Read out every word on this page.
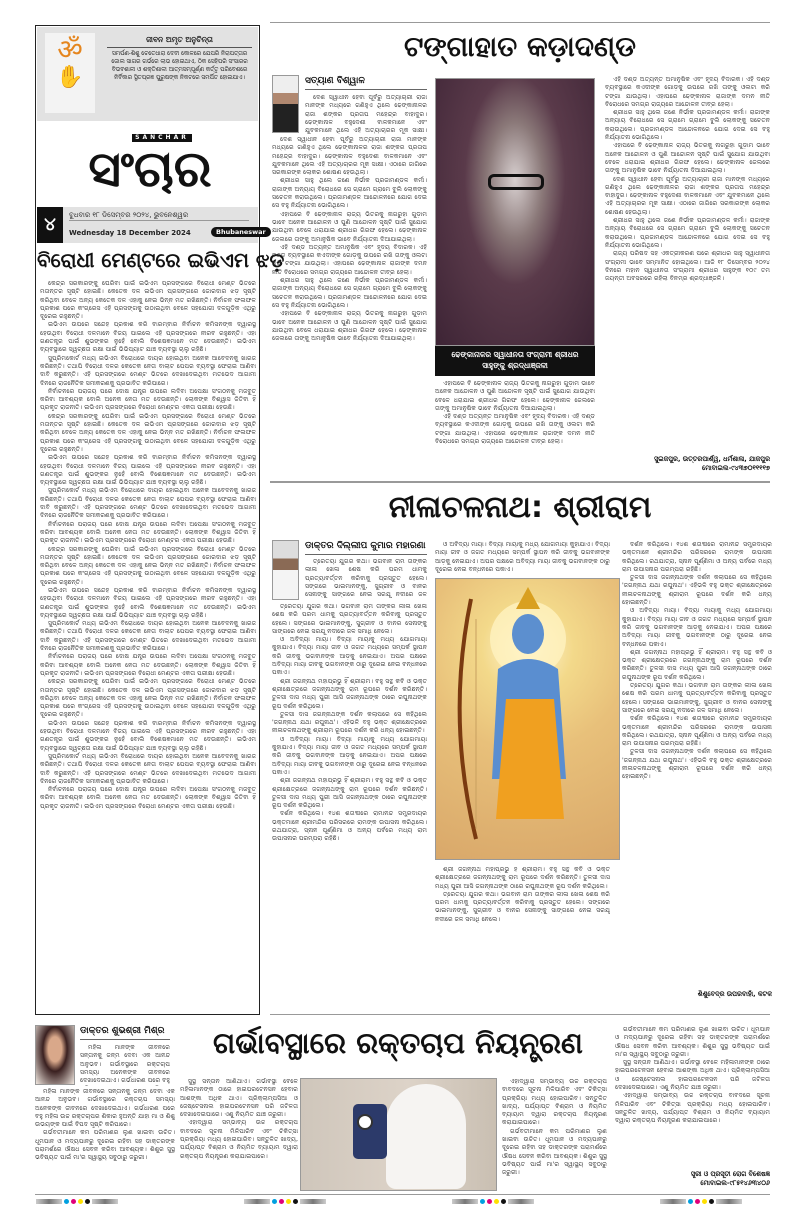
ॐ
✋
ଜୀବନ ଅମୃତ ଅନୁଚିନ୍ତା
ସମର୍ପଣ-ଶିଶୁ ଚେତେଧାରା ଦେବୀ କୋଳରେ ଯେପରି ନିରାପତ୍ତାର ଜୋଲ ସାଗର ଗର୍ଭରେ ଲାଭ ହୋଇଥାଏ, ଠିକ ସେହିପରି ସଂସାରର ବିଭବଶାଳୀ ଓ ଶକ୍ତିଶାଳୀ ଆତ୍ମସମ୍ପୂର୍ଣ୍ଣ କର୍ତ୍ତୃ ପରିବେଶରେ ନିର୍ବିକାର ସ୍ଥିତପ୍ରଜ୍ଞ ପୁରୁଷଙ୍କ ନିକଟରେ ସମର୍ପିତ ହୋଇଯାଏ।
SANCHAR
ସଂଚାର
୪	ବୁଧବାର ୧୮ ଡିସେମ୍ବର ୨୦୨୪, ଭୁବନେଶ୍ୱର
Wednesday 18 December 2024	Bhubaneswar
ବିରୋଧୀ ମେଣ୍ଟରେ ଇଭିଏମ ଝଡ଼

କେନ୍ଦ୍ର ସରକାରଙ୍କୁ ଘେରିବା ପାଇଁ ଇଭିଏମ ପ୍ରସଙ୍ଗରେ ବିରୋଧୀ ମେଣ୍ଟ ଭିତରେ ମତାନ୍ତର ସୃଷ୍ଟି ହୋଇଛି। କେତେକ ଦଳ ଇଭିଏମ ପ୍ରସଙ୍ଗରେ ଜୋରଦାର ଝଡ଼ ସୃଷ୍ଟି କରିଥିବା ବେଳେ ଅନ୍ୟ କେତେକ ଦଳ ଏହାକୁ ନେଇ ଭିନ୍ନ ମତ ରଖିଛନ୍ତି। ନିର୍ବାଚନ ଫଳାଫଳ ପ୍ରକାଶ ପରେ କଂଗ୍ରେସ ଏହି ପ୍ରସଙ୍ଗକୁ ଉଠାଇଥିବା ବେଳେ ସହଯୋଗୀ ଦଳଗୁଡ଼ିକ ଏଥିରୁ ଦୂରେଇ ରହୁଛନ୍ତି।

ଇଭିଏମ ଉପରେ ସନ୍ଦେହ ପ୍ରକାଶ କରି ବାରମ୍ବାର ନିର୍ବାଚନ କମିସନଙ୍କ ଦ୍ୱାରସ୍ଥ ହେଉଥିବା ବିରୋଧୀ ଦଳମାନେ ବିଜୟ ପାଇଲେ ଏହି ପ୍ରସଙ୍ଗରେ ନୀରବ ରହୁଛନ୍ତି। ଏହା ଗଣତନ୍ତ୍ର ପାଇଁ ଶୁଭଙ୍କର ନୁହେଁ ବୋଲି ବିଶେଷଜ୍ଞମାନେ ମତ ଦେଉଛନ୍ତି। ଇଭିଏମ ବ୍ୟବସ୍ଥାରେ ସ୍ୱଚ୍ଛତା ରକ୍ଷା ପାଇଁ ଭିଭିପ୍ୟାଟ ଯାଞ୍ଚ ବ୍ୟବସ୍ଥା ଚାଲୁ ରହିଛି।

ସୁପ୍ରିମକୋର୍ଟ ମଧ୍ୟ ଇଭିଏମ ବିରୋଧରେ ଦାୟର ହୋଇଥିବା ଅନେକ ଆବେଦନକୁ ଖାରଜ କରିଛନ୍ତି। ତଥାପି ବିରୋଧୀ ଦଳର କେତେକ ନେତା ବାଲାଟ ପେପର ବ୍ୟବସ୍ଥା ଫେରାଇ ଆଣିବା ଦାବି କରୁଛନ୍ତି। ଏହି ପ୍ରସଙ୍ଗରେ ମେଣ୍ଟ ଭିତରେ ଦେଖାଦେଇଥିବା ମତଭେଦ ଆଗାମୀ ଦିନରେ ରାଜନୈତିକ ସମୀକରଣକୁ ପ୍ରଭାବିତ କରିପାରେ।

ନିର୍ବାଚନରେ ପରାଜୟ ପରେ ଦୋଷ ଯନ୍ତ୍ର ଉପରେ ଲଦିବା ଅପେକ୍ଷା ସଂଗଠନକୁ ମଜବୁତ କରିବା ଆବଶ୍ୟକ ବୋଲି ଅନେକ ନେତା ମତ ଦେଉଛନ୍ତି। ଲୋକଙ୍କ ବିଶ୍ୱାସ ଜିତିବା ହିଁ ପ୍ରକୃତ ରାଜନୀତି। ଇଭିଏମ ପ୍ରସଙ୍ଗରେ ବିରୋଧୀ ମେଣ୍ଟର ଏକତା ପରୀକ୍ଷା ହେଉଛି।

କେନ୍ଦ୍ର ସରକାରଙ୍କୁ ଘେରିବା ପାଇଁ ଇଭିଏମ ପ୍ରସଙ୍ଗରେ ବିରୋଧୀ ମେଣ୍ଟ ଭିତରେ ମତାନ୍ତର ସୃଷ୍ଟି ହୋଇଛି। କେତେକ ଦଳ ଇଭିଏମ ପ୍ରସଙ୍ଗରେ ଜୋରଦାର ଝଡ଼ ସୃଷ୍ଟି କରିଥିବା ବେଳେ ଅନ୍ୟ କେତେକ ଦଳ ଏହାକୁ ନେଇ ଭିନ୍ନ ମତ ରଖିଛନ୍ତି। ନିର୍ବାଚନ ଫଳାଫଳ ପ୍ରକାଶ ପରେ କଂଗ୍ରେସ ଏହି ପ୍ରସଙ୍ଗକୁ ଉଠାଇଥିବା ବେଳେ ସହଯୋଗୀ ଦଳଗୁଡ଼ିକ ଏଥିରୁ ଦୂରେଇ ରହୁଛନ୍ତି।

ଇଭିଏମ ଉପରେ ସନ୍ଦେହ ପ୍ରକାଶ କରି ବାରମ୍ବାର ନିର୍ବାଚନ କମିସନଙ୍କ ଦ୍ୱାରସ୍ଥ ହେଉଥିବା ବିରୋଧୀ ଦଳମାନେ ବିଜୟ ପାଇଲେ ଏହି ପ୍ରସଙ୍ଗରେ ନୀରବ ରହୁଛନ୍ତି। ଏହା ଗଣତନ୍ତ୍ର ପାଇଁ ଶୁଭଙ୍କର ନୁହେଁ ବୋଲି ବିଶେଷଜ୍ଞମାନେ ମତ ଦେଉଛନ୍ତି। ଇଭିଏମ ବ୍ୟବସ୍ଥାରେ ସ୍ୱଚ୍ଛତା ରକ୍ଷା ପାଇଁ ଭିଭିପ୍ୟାଟ ଯାଞ୍ଚ ବ୍ୟବସ୍ଥା ଚାଲୁ ରହିଛି।

ସୁପ୍ରିମକୋର୍ଟ ମଧ୍ୟ ଇଭିଏମ ବିରୋଧରେ ଦାୟର ହୋଇଥିବା ଅନେକ ଆବେଦନକୁ ଖାରଜ କରିଛନ୍ତି। ତଥାପି ବିରୋଧୀ ଦଳର କେତେକ ନେତା ବାଲାଟ ପେପର ବ୍ୟବସ୍ଥା ଫେରାଇ ଆଣିବା ଦାବି କରୁଛନ୍ତି। ଏହି ପ୍ରସଙ୍ଗରେ ମେଣ୍ଟ ଭିତରେ ଦେଖାଦେଇଥିବା ମତଭେଦ ଆଗାମୀ ଦିନରେ ରାଜନୈତିକ ସମୀକରଣକୁ ପ୍ରଭାବିତ କରିପାରେ।

ନିର୍ବାଚନରେ ପରାଜୟ ପରେ ଦୋଷ ଯନ୍ତ୍ର ଉପରେ ଲଦିବା ଅପେକ୍ଷା ସଂଗଠନକୁ ମଜବୁତ କରିବା ଆବଶ୍ୟକ ବୋଲି ଅନେକ ନେତା ମତ ଦେଉଛନ୍ତି। ଲୋକଙ୍କ ବିଶ୍ୱାସ ଜିତିବା ହିଁ ପ୍ରକୃତ ରାଜନୀତି। ଇଭିଏମ ପ୍ରସଙ୍ଗରେ ବିରୋଧୀ ମେଣ୍ଟର ଏକତା ପରୀକ୍ଷା ହେଉଛି।

କେନ୍ଦ୍ର ସରକାରଙ୍କୁ ଘେରିବା ପାଇଁ ଇଭିଏମ ପ୍ରସଙ୍ଗରେ ବିରୋଧୀ ମେଣ୍ଟ ଭିତରେ ମତାନ୍ତର ସୃଷ୍ଟି ହୋଇଛି। କେତେକ ଦଳ ଇଭିଏମ ପ୍ରସଙ୍ଗରେ ଜୋରଦାର ଝଡ଼ ସୃଷ୍ଟି କରିଥିବା ବେଳେ ଅନ୍ୟ କେତେକ ଦଳ ଏହାକୁ ନେଇ ଭିନ୍ନ ମତ ରଖିଛନ୍ତି। ନିର୍ବାଚନ ଫଳାଫଳ ପ୍ରକାଶ ପରେ କଂଗ୍ରେସ ଏହି ପ୍ରସଙ୍ଗକୁ ଉଠାଇଥିବା ବେଳେ ସହଯୋଗୀ ଦଳଗୁଡ଼ିକ ଏଥିରୁ ଦୂରେଇ ରହୁଛନ୍ତି।

ଇଭିଏମ ଉପରେ ସନ୍ଦେହ ପ୍ରକାଶ କରି ବାରମ୍ବାର ନିର୍ବାଚନ କମିସନଙ୍କ ଦ୍ୱାରସ୍ଥ ହେଉଥିବା ବିରୋଧୀ ଦଳମାନେ ବିଜୟ ପାଇଲେ ଏହି ପ୍ରସଙ୍ଗରେ ନୀରବ ରହୁଛନ୍ତି। ଏହା ଗଣତନ୍ତ୍ର ପାଇଁ ଶୁଭଙ୍କର ନୁହେଁ ବୋଲି ବିଶେଷଜ୍ଞମାନେ ମତ ଦେଉଛନ୍ତି। ଇଭିଏମ ବ୍ୟବସ୍ଥାରେ ସ୍ୱଚ୍ଛତା ରକ୍ଷା ପାଇଁ ଭିଭିପ୍ୟାଟ ଯାଞ୍ଚ ବ୍ୟବସ୍ଥା ଚାଲୁ ରହିଛି।

ସୁପ୍ରିମକୋର୍ଟ ମଧ୍ୟ ଇଭିଏମ ବିରୋଧରେ ଦାୟର ହୋଇଥିବା ଅନେକ ଆବେଦନକୁ ଖାରଜ କରିଛନ୍ତି। ତଥାପି ବିରୋଧୀ ଦଳର କେତେକ ନେତା ବାଲାଟ ପେପର ବ୍ୟବସ୍ଥା ଫେରାଇ ଆଣିବା ଦାବି କରୁଛନ୍ତି। ଏହି ପ୍ରସଙ୍ଗରେ ମେଣ୍ଟ ଭିତରେ ଦେଖାଦେଇଥିବା ମତଭେଦ ଆଗାମୀ ଦିନରେ ରାଜନୈତିକ ସମୀକରଣକୁ ପ୍ରଭାବିତ କରିପାରେ।

ନିର୍ବାଚନରେ ପରାଜୟ ପରେ ଦୋଷ ଯନ୍ତ୍ର ଉପରେ ଲଦିବା ଅପେକ୍ଷା ସଂଗଠନକୁ ମଜବୁତ କରିବା ଆବଶ୍ୟକ ବୋଲି ଅନେକ ନେତା ମତ ଦେଉଛନ୍ତି। ଲୋକଙ୍କ ବିଶ୍ୱାସ ଜିତିବା ହିଁ ପ୍ରକୃତ ରାଜନୀତି। ଇଭିଏମ ପ୍ରସଙ୍ଗରେ ବିରୋଧୀ ମେଣ୍ଟର ଏକତା ପରୀକ୍ଷା ହେଉଛି।

କେନ୍ଦ୍ର ସରକାରଙ୍କୁ ଘେରିବା ପାଇଁ ଇଭିଏମ ପ୍ରସଙ୍ଗରେ ବିରୋଧୀ ମେଣ୍ଟ ଭିତରେ ମତାନ୍ତର ସୃଷ୍ଟି ହୋଇଛି। କେତେକ ଦଳ ଇଭିଏମ ପ୍ରସଙ୍ଗରେ ଜୋରଦାର ଝଡ଼ ସୃଷ୍ଟି କରିଥିବା ବେଳେ ଅନ୍ୟ କେତେକ ଦଳ ଏହାକୁ ନେଇ ଭିନ୍ନ ମତ ରଖିଛନ୍ତି। ନିର୍ବାଚନ ଫଳାଫଳ ପ୍ରକାଶ ପରେ କଂଗ୍ରେସ ଏହି ପ୍ରସଙ୍ଗକୁ ଉଠାଇଥିବା ବେଳେ ସହଯୋଗୀ ଦଳଗୁଡ଼ିକ ଏଥିରୁ ଦୂରେଇ ରହୁଛନ୍ତି।

ଇଭିଏମ ଉପରେ ସନ୍ଦେହ ପ୍ରକାଶ କରି ବାରମ୍ବାର ନିର୍ବାଚନ କମିସନଙ୍କ ଦ୍ୱାରସ୍ଥ ହେଉଥିବା ବିରୋଧୀ ଦଳମାନେ ବିଜୟ ପାଇଲେ ଏହି ପ୍ରସଙ୍ଗରେ ନୀରବ ରହୁଛନ୍ତି। ଏହା ଗଣତନ୍ତ୍ର ପାଇଁ ଶୁଭଙ୍କର ନୁହେଁ ବୋଲି ବିଶେଷଜ୍ଞମାନେ ମତ ଦେଉଛନ୍ତି। ଇଭିଏମ ବ୍ୟବସ୍ଥାରେ ସ୍ୱଚ୍ଛତା ରକ୍ଷା ପାଇଁ ଭିଭିପ୍ୟାଟ ଯାଞ୍ଚ ବ୍ୟବସ୍ଥା ଚାଲୁ ରହିଛି।

ସୁପ୍ରିମକୋର୍ଟ ମଧ୍ୟ ଇଭିଏମ ବିରୋଧରେ ଦାୟର ହୋଇଥିବା ଅନେକ ଆବେଦନକୁ ଖାରଜ କରିଛନ୍ତି। ତଥାପି ବିରୋଧୀ ଦଳର କେତେକ ନେତା ବାଲାଟ ପେପର ବ୍ୟବସ୍ଥା ଫେରାଇ ଆଣିବା ଦାବି କରୁଛନ୍ତି। ଏହି ପ୍ରସଙ୍ଗରେ ମେଣ୍ଟ ଭିତରେ ଦେଖାଦେଇଥିବା ମତଭେଦ ଆଗାମୀ ଦିନରେ ରାଜନୈତିକ ସମୀକରଣକୁ ପ୍ରଭାବିତ କରିପାରେ।

ନିର୍ବାଚନରେ ପରାଜୟ ପରେ ଦୋଷ ଯନ୍ତ୍ର ଉପରେ ଲଦିବା ଅପେକ୍ଷା ସଂଗଠନକୁ ମଜବୁତ କରିବା ଆବଶ୍ୟକ ବୋଲି ଅନେକ ନେତା ମତ ଦେଉଛନ୍ତି। ଲୋକଙ୍କ ବିଶ୍ୱାସ ଜିତିବା ହିଁ ପ୍ରକୃତ ରାଜନୀତି। ଇଭିଏମ ପ୍ରସଙ୍ଗରେ ବିରୋଧୀ ମେଣ୍ଟର ଏକତା ପରୀକ୍ଷା ହେଉଛି।

ଟଙ୍ଗାହାତ କଡ଼ାଦଣ୍ଡ
ସତ୍ୟାଣ ବିଶ୍ୱାଳ

ଦେଶ ସ୍ୱାଧୀନ ହେବା ପୂର୍ବରୁ ଅତ୍ୟାଚାରୀ ରାଜା ମାନଙ୍କ ମଧ୍ୟରେ ଗଣିହୁଏ ଥିଲେ ଢେଙ୍କାନାଳର ରାଜା ଶଙ୍କର ପ୍ରତାପ ମହେନ୍ଦ୍ର ବାହାଦୁର। ଢେଙ୍କାନାଳ ବହୁଦେଶୀ ବାଳକମାନେ ଏବଂ ଯୁବକମାନେ ଥିଲେ ଏହି ଅତ୍ୟାଚାରର ମୂକ ସାକ୍ଷୀ।

ଦେଶ ସ୍ୱାଧୀନ ହେବା ପୂର୍ବରୁ ଅତ୍ୟାଚାରୀ ରାଜା ମାନଙ୍କ ମଧ୍ୟରେ ଗଣିହୁଏ ଥିଲେ ଢେଙ୍କାନାଳର ରାଜା ଶଙ୍କର ପ୍ରତାପ ମହେନ୍ଦ୍ର ବାହାଦୁର। ଢେଙ୍କାନାଳ ବହୁଦେଶୀ ବାଳକମାନେ ଏବଂ ଯୁବକମାନେ ଥିଲେ ଏହି ଅତ୍ୟାଚାରର ମୂକ ସାକ୍ଷୀ। ଏଠାରେ ଜାଗିରେ ସରକାରଙ୍କ ଲୋକର ଶୋଷଣ ହେଉଥିଲା।

ଶ୍ରୀଧର ସାହୁ ଥିଲେ ଜଣେ ନିର୍ଭୀକ ପ୍ରଜାମଣ୍ଡଳ କର୍ମୀ। ରାଜାଙ୍କ ଅନ୍ୟାୟ ବିରୋଧରେ ସେ ଗ୍ରାମେ ଗ୍ରାମେ ବୁଲି ଲୋକଙ୍କୁ ସଚେତନ କରାଉଥିଲେ। ପ୍ରଜାମଣ୍ଡଳ ଆନ୍ଦୋଳନରେ ଯୋଗ ଦେଇ ସେ ବହୁ ନିର୍ଯ୍ୟାତନା ଭୋଗିଥିଲେ।

ଏହାପରେ ବି ଢେଙ୍କାନାଳ ରାଜ୍ୟ ଭିତରକୁ ନାଗରୁହା ଗୁଡ଼ାମ ଭାବେ ଅନେକ ଆନ୍ଦୋଳନ ଓ ପୁଣି ଆନ୍ଦୋଳନ ସୃଷ୍ଟି ପାଇଁ ସୁଯୋଗ ଯାଉଥିବା ବେଳେ ଧରାଯାଇ ଶ୍ରୀଧର ଗିରଫ ହେଲେ। ଢେଙ୍କାନାଳ ଜେଲରେ ତାଙ୍କୁ ଅମାନୁଷିକ ଭାବେ ନିର୍ଯ୍ୟାତନା ଦିଆଯାଇଥିଲା।

ଏହି ଦଣ୍ଡ ଅତ୍ୟନ୍ତ ଅମାନୁଷିକ ଏବଂ ହୃଦୟ ବିଦାରକ। ଏହି ଦଣ୍ଡ ବ୍ୟବସ୍ଥାରେ କଏଦୀଙ୍କ ଗୋଡ଼କୁ ଉପରେ ରଖି ତାଙ୍କୁ ଓଲଟା କରି ଟଙ୍ଗା ଯାଉଥିଲା। ଏହାପରେ ଢେଙ୍କାନାଳ ରାଜାଙ୍କ ଦମନ ନୀତି ବିରୋଧରେ ସମଗ୍ର ରାଜ୍ୟରେ ଆନ୍ଦୋଳନ ତୀବ୍ର ହେଲା।

ଶ୍ରୀଧର ସାହୁ ଥିଲେ ଜଣେ ନିର୍ଭୀକ ପ୍ରଜାମଣ୍ଡଳ କର୍ମୀ। ରାଜାଙ୍କ ଅନ୍ୟାୟ ବିରୋଧରେ ସେ ଗ୍ରାମେ ଗ୍ରାମେ ବୁଲି ଲୋକଙ୍କୁ ସଚେତନ କରାଉଥିଲେ। ପ୍ରଜାମଣ୍ଡଳ ଆନ୍ଦୋଳନରେ ଯୋଗ ଦେଇ ସେ ବହୁ ନିର୍ଯ୍ୟାତନା ଭୋଗିଥିଲେ।

ଏହାପରେ ବି ଢେଙ୍କାନାଳ ରାଜ୍ୟ ଭିତରକୁ ନାଗରୁହା ଗୁଡ଼ାମ ଭାବେ ଅନେକ ଆନ୍ଦୋଳନ ଓ ପୁଣି ଆନ୍ଦୋଳନ ସୃଷ୍ଟି ପାଇଁ ସୁଯୋଗ ଯାଉଥିବା ବେଳେ ଧରାଯାଇ ଶ୍ରୀଧର ଗିରଫ ହେଲେ। ଢେଙ୍କାନାଳ ଜେଲରେ ତାଙ୍କୁ ଅମାନୁଷିକ ଭାବେ ନିର୍ଯ୍ୟାତନା ଦିଆଯାଇଥିଲା।

ଢେଙ୍କାନାଳର ସ୍ୱାଧୀନତା ସଂଗ୍ରାମୀ ଶ୍ରୀଧର ସାହୁଙ୍କୁ ଶ୍ରଦ୍ଧାଞ୍ଜଳୀ

ଏହାପରେ ବି ଢେଙ୍କାନାଳ ରାଜ୍ୟ ଭିତରକୁ ନାଗରୁହା ଗୁଡ଼ାମ ଭାବେ ଅନେକ ଆନ୍ଦୋଳନ ଓ ପୁଣି ଆନ୍ଦୋଳନ ସୃଷ୍ଟି ପାଇଁ ସୁଯୋଗ ଯାଉଥିବା ବେଳେ ଧରାଯାଇ ଶ୍ରୀଧର ଗିରଫ ହେଲେ। ଢେଙ୍କାନାଳ ଜେଲରେ ତାଙ୍କୁ ଅମାନୁଷିକ ଭାବେ ନିର୍ଯ୍ୟାତନା ଦିଆଯାଇଥିଲା।

ଏହି ଦଣ୍ଡ ଅତ୍ୟନ୍ତ ଅମାନୁଷିକ ଏବଂ ହୃଦୟ ବିଦାରକ। ଏହି ଦଣ୍ଡ ବ୍ୟବସ୍ଥାରେ କଏଦୀଙ୍କ ଗୋଡ଼କୁ ଉପରେ ରଖି ତାଙ୍କୁ ଓଲଟା କରି ଟଙ୍ଗା ଯାଉଥିଲା। ଏହାପରେ ଢେଙ୍କାନାଳ ରାଜାଙ୍କ ଦମନ ନୀତି ବିରୋଧରେ ସମଗ୍ର ରାଜ୍ୟରେ ଆନ୍ଦୋଳନ ତୀବ୍ର ହେଲା।

ଏହି ଦଣ୍ଡ ଅତ୍ୟନ୍ତ ଅମାନୁଷିକ ଏବଂ ହୃଦୟ ବିଦାରକ। ଏହି ଦଣ୍ଡ ବ୍ୟବସ୍ଥାରେ କଏଦୀଙ୍କ ଗୋଡ଼କୁ ଉପରେ ରଖି ତାଙ୍କୁ ଓଲଟା କରି ଟଙ୍ଗା ଯାଉଥିଲା। ଏହାପରେ ଢେଙ୍କାନାଳ ରାଜାଙ୍କ ଦମନ ନୀତି ବିରୋଧରେ ସମଗ୍ର ରାଜ୍ୟରେ ଆନ୍ଦୋଳନ ତୀବ୍ର ହେଲା।

ଶ୍ରୀଧର ସାହୁ ଥିଲେ ଜଣେ ନିର୍ଭୀକ ପ୍ରଜାମଣ୍ଡଳ କର୍ମୀ। ରାଜାଙ୍କ ଅନ୍ୟାୟ ବିରୋଧରେ ସେ ଗ୍ରାମେ ଗ୍ରାମେ ବୁଲି ଲୋକଙ୍କୁ ସଚେତନ କରାଉଥିଲେ। ପ୍ରଜାମଣ୍ଡଳ ଆନ୍ଦୋଳନରେ ଯୋଗ ଦେଇ ସେ ବହୁ ନିର୍ଯ୍ୟାତନା ଭୋଗିଥିଲେ।

ଏହାପରେ ବି ଢେଙ୍କାନାଳ ରାଜ୍ୟ ଭିତରକୁ ନାଗରୁହା ଗୁଡ଼ାମ ଭାବେ ଅନେକ ଆନ୍ଦୋଳନ ଓ ପୁଣି ଆନ୍ଦୋଳନ ସୃଷ୍ଟି ପାଇଁ ସୁଯୋଗ ଯାଉଥିବା ବେଳେ ଧରାଯାଇ ଶ୍ରୀଧର ଗିରଫ ହେଲେ। ଢେଙ୍କାନାଳ ଜେଲରେ ତାଙ୍କୁ ଅମାନୁଷିକ ଭାବେ ନିର୍ଯ୍ୟାତନା ଦିଆଯାଇଥିଲା।

ଦେଶ ସ୍ୱାଧୀନ ହେବା ପୂର୍ବରୁ ଅତ୍ୟାଚାରୀ ରାଜା ମାନଙ୍କ ମଧ୍ୟରେ ଗଣିହୁଏ ଥିଲେ ଢେଙ୍କାନାଳର ରାଜା ଶଙ୍କର ପ୍ରତାପ ମହେନ୍ଦ୍ର ବାହାଦୁର। ଢେଙ୍କାନାଳ ବହୁଦେଶୀ ବାଳକମାନେ ଏବଂ ଯୁବକମାନେ ଥିଲେ ଏହି ଅତ୍ୟାଚାରର ମୂକ ସାକ୍ଷୀ। ଏଠାରେ ଜାଗିରେ ସରକାରଙ୍କ ଲୋକର ଶୋଷଣ ହେଉଥିଲା।

ଶ୍ରୀଧର ସାହୁ ଥିଲେ ଜଣେ ନିର୍ଭୀକ ପ୍ରଜାମଣ୍ଡଳ କର୍ମୀ। ରାଜାଙ୍କ ଅନ୍ୟାୟ ବିରୋଧରେ ସେ ଗ୍ରାମେ ଗ୍ରାମେ ବୁଲି ଲୋକଙ୍କୁ ସଚେତନ କରାଉଥିଲେ। ପ୍ରଜାମଣ୍ଡଳ ଆନ୍ଦୋଳନରେ ଯୋଗ ଦେଇ ସେ ବହୁ ନିର୍ଯ୍ୟାତନା ଭୋଗିଥିଲେ।

ରାଜ୍ୟ ପରିଷଦ ସହ ଏକତ୍ରୀକରଣ ପରେ ଶ୍ରୀଧର ସାହୁ ସ୍ୱାଧୀନତା ସଂଗ୍ରାମୀ ଭାବେ ସମ୍ମାନିତ ହୋଇଥିଲେ। ଆଜି ୧୮ ଡିସେମ୍ବର ୨୦୨୪ ଦିନରେ ମହାନ ସ୍ୱାଧୀନତା ସଂଗ୍ରାମୀ ଶ୍ରୀଧର ସାହୁଙ୍କ ୧୦୯ ତମ ଜୟନ୍ତୀ ଅବସରରେ ରହିଲା ବିନମ୍ର ଶ୍ରଦ୍ଧାଞ୍ଜଳି।

ସୁଇଜପୁର, ଉତ୍ତରପାର୍ଶ୍ୱ, ଧର୍ମଶାଳା, ଯାଜପୁର
ମୋବାଇଲ-୯୪୩୭୦୧୧୧୧୭
ନୀଳାଚଳନାଥ: ଶ୍ରୀରାମ
ଡାକ୍ତର ଦିଲ୍ଲୀପ କୁମାର ମହାରଣା

ତ୍ରେତୟା ଯୁଗର କଥା। ଭଗବାନ ରାମ ତାଙ୍କର ଲୀଳା ଖେଳା ଶେଷ କରି ପରମ ଧାମକୁ ପ୍ରତ୍ୟାବର୍ତ୍ତନ କରିବାକୁ ପ୍ରସ୍ତୁତ ହେଲେ। ସଙ୍ଗରେ ଭାଇମାନଙ୍କୁ, ସୁଗ୍ରୀବ ଓ ବାନର ସେନାଙ୍କୁ ସାଙ୍ଗରେ ନେଇ ସରଯୂ ନଦୀରେ ଜଳ

ତ୍ରେତୟା ଯୁଗର କଥା। ଭଗବାନ ରାମ ତାଙ୍କର ଲୀଳା ଖେଳା ଶେଷ କରି ପରମ ଧାମକୁ ପ୍ରତ୍ୟାବର୍ତ୍ତନ କରିବାକୁ ପ୍ରସ୍ତୁତ ହେଲେ। ସଙ୍ଗରେ ଭାଇମାନଙ୍କୁ, ସୁଗ୍ରୀବ ଓ ବାନର ସେନାଙ୍କୁ ସାଙ୍ଗରେ ନେଇ ସରଯୂ ନଦୀରେ ଜଳ ସମାଧି ନେଲେ।

ଓ ଅବିଦ୍ୟା ମାୟା। ବିଦ୍ୟା ମାୟାକୁ ମଧ୍ୟ ଯୋଗମାୟା କୁହାଯାଏ। ବିଦ୍ୟା ମାୟା ଜୀବ ଓ ଜଗତ ମଧ୍ୟରେ ସମ୍ପର୍କ ସ୍ଥାପନ କରି ଜୀବକୁ ଭଗବାନଙ୍କ ଆଡ଼କୁ ନେଇଯାଏ। ଅପର ପକ୍ଷରେ ଅବିଦ୍ୟା ମାୟା ଜୀବକୁ ଭଗବାନଙ୍କ ଠାରୁ ଦୂରେଇ ନେଇ ବନ୍ଧନରେ ପକାଏ।

ଶ୍ରୀ ଜଗନ୍ନାଥ ମହାପ୍ରଭୁ ହିଁ ଶ୍ରୀରାମ। ବହୁ ସନ୍ଥ କବି ଓ ଭକ୍ତ ଶ୍ରୀକ୍ଷେତ୍ରରେ ଜଗନ୍ନାଥଙ୍କୁ ରାମ ରୂପରେ ଦର୍ଶନ କରିଛନ୍ତି। ତୁଳସୀ ଦାସ ମଧ୍ୟ ପୁରୀ ଆସି ଜଗନ୍ନାଥଙ୍କ ଠାରେ ରଘୁନାଥଙ୍କ ରୂପ ଦର୍ଶନ କରିଥିଲେ।

ତୁଳସୀ ଦାସ ଜଗନ୍ନାଥଙ୍କ ଦର୍ଶନ କଲାପରେ ସେ କହିଥିଲେ 'ଜଗନ୍ନାଥ ଯଥା ରଘୁନାଥ'। ଏହିଭଳି ବହୁ ଭକ୍ତ ଶ୍ରୀକ୍ଷେତ୍ରରେ ନୀଳାଚଳନାଥଙ୍କୁ ଶ୍ରୀରାମ ରୂପରେ ଦର୍ଶନ କରି ଧନ୍ୟ ହୋଇଛନ୍ତି।

ଓ ଅବିଦ୍ୟା ମାୟା। ବିଦ୍ୟା ମାୟାକୁ ମଧ୍ୟ ଯୋଗମାୟା କୁହାଯାଏ। ବିଦ୍ୟା ମାୟା ଜୀବ ଓ ଜଗତ ମଧ୍ୟରେ ସମ୍ପର୍କ ସ୍ଥାପନ କରି ଜୀବକୁ ଭଗବାନଙ୍କ ଆଡ଼କୁ ନେଇଯାଏ। ଅପର ପକ୍ଷରେ ଅବିଦ୍ୟା ମାୟା ଜୀବକୁ ଭଗବାନଙ୍କ ଠାରୁ ଦୂରେଇ ନେଇ ବନ୍ଧନରେ ପକାଏ।

ଶ୍ରୀ ଜଗନ୍ନାଥ ମହାପ୍ରଭୁ ହିଁ ଶ୍ରୀରାମ। ବହୁ ସନ୍ଥ କବି ଓ ଭକ୍ତ ଶ୍ରୀକ୍ଷେତ୍ରରେ ଜଗନ୍ନାଥଙ୍କୁ ରାମ ରୂପରେ ଦର୍ଶନ କରିଛନ୍ତି। ତୁଳସୀ ଦାସ ମଧ୍ୟ ପୁରୀ ଆସି ଜଗନ୍ନାଥଙ୍କ ଠାରେ ରଘୁନାଥଙ୍କ ରୂପ ଦର୍ଶନ କରିଥିଲେ।

ଦର୍ଶନ କରିଥିଲେ। ୧୪ଶ ଶତାବ୍ଦୀରେ ରାମାନନ୍ଦ ସମ୍ପ୍ରଦାୟର ଭକ୍ତମାନେ ଶ୍ରୀମନ୍ଦିର ପରିସରରେ ରାମଙ୍କ ଉପାସନା କରିଥିଲେ। ରଥଯାତ୍ରା, ସ୍ନାନ ପୂର୍ଣ୍ଣିମା ଓ ଅନ୍ୟ ପର୍ବରେ ମଧ୍ୟ ରାମ ଉପାସନାର ପରମ୍ପରା ରହିଛି।

ଓ ଅବିଦ୍ୟା ମାୟା। ବିଦ୍ୟା ମାୟାକୁ ମଧ୍ୟ ଯୋଗମାୟା କୁହାଯାଏ। ବିଦ୍ୟା ମାୟା ଜୀବ ଓ ଜଗତ ମଧ୍ୟରେ ସମ୍ପର୍କ ସ୍ଥାପନ କରି ଜୀବକୁ ଭଗବାନଙ୍କ ଆଡ଼କୁ ନେଇଯାଏ। ଅପର ପକ୍ଷରେ ଅବିଦ୍ୟା ମାୟା ଜୀବକୁ ଭଗବାନଙ୍କ ଠାରୁ ଦୂରେଇ ନେଇ ବନ୍ଧନରେ ପକାଏ।

ଶ୍ରୀ ଜଗନ୍ନାଥ ମହାପ୍ରଭୁ ହିଁ ଶ୍ରୀରାମ। ବହୁ ସନ୍ଥ କବି ଓ ଭକ୍ତ ଶ୍ରୀକ୍ଷେତ୍ରରେ ଜଗନ୍ନାଥଙ୍କୁ ରାମ ରୂପରେ ଦର୍ଶନ କରିଛନ୍ତି। ତୁଳସୀ ଦାସ ମଧ୍ୟ ପୁରୀ ଆସି ଜଗନ୍ନାଥଙ୍କ ଠାରେ ରଘୁନାଥଙ୍କ ରୂପ ଦର୍ଶନ କରିଥିଲେ।

ତ୍ରେତୟା ଯୁଗର କଥା। ଭଗବାନ ରାମ ତାଙ୍କର ଲୀଳା ଖେଳା ଶେଷ କରି ପରମ ଧାମକୁ ପ୍ରତ୍ୟାବର୍ତ୍ତନ କରିବାକୁ ପ୍ରସ୍ତୁତ ହେଲେ। ସଙ୍ଗରେ ଭାଇମାନଙ୍କୁ, ସୁଗ୍ରୀବ ଓ ବାନର ସେନାଙ୍କୁ ସାଙ୍ଗରେ ନେଇ ସରଯୂ ନଦୀରେ ଜଳ ସମାଧି ନେଲେ।

ଦର୍ଶନ କରିଥିଲେ। ୧୪ଶ ଶତାବ୍ଦୀରେ ରାମାନନ୍ଦ ସମ୍ପ୍ରଦାୟର ଭକ୍ତମାନେ ଶ୍ରୀମନ୍ଦିର ପରିସରରେ ରାମଙ୍କ ଉପାସନା କରିଥିଲେ। ରଥଯାତ୍ରା, ସ୍ନାନ ପୂର୍ଣ୍ଣିମା ଓ ଅନ୍ୟ ପର୍ବରେ ମଧ୍ୟ ରାମ ଉପାସନାର ପରମ୍ପରା ରହିଛି।

ତୁଳସୀ ଦାସ ଜଗନ୍ନାଥଙ୍କ ଦର୍ଶନ କଲାପରେ ସେ କହିଥିଲେ 'ଜଗନ୍ନାଥ ଯଥା ରଘୁନାଥ'। ଏହିଭଳି ବହୁ ଭକ୍ତ ଶ୍ରୀକ୍ଷେତ୍ରରେ ନୀଳାଚଳନାଥଙ୍କୁ ଶ୍ରୀରାମ ରୂପରେ ଦର୍ଶନ କରି ଧନ୍ୟ ହୋଇଛନ୍ତି।

ଓ ଅବିଦ୍ୟା ମାୟା। ବିଦ୍ୟା ମାୟାକୁ ମଧ୍ୟ ଯୋଗମାୟା କୁହାଯାଏ। ବିଦ୍ୟା ମାୟା ଜୀବ ଓ ଜଗତ ମଧ୍ୟରେ ସମ୍ପର୍କ ସ୍ଥାପନ କରି ଜୀବକୁ ଭଗବାନଙ୍କ ଆଡ଼କୁ ନେଇଯାଏ। ଅପର ପକ୍ଷରେ ଅବିଦ୍ୟା ମାୟା ଜୀବକୁ ଭଗବାନଙ୍କ ଠାରୁ ଦୂରେଇ ନେଇ ବନ୍ଧନରେ ପକାଏ।

ଶ୍ରୀ ଜଗନ୍ନାଥ ମହାପ୍ରଭୁ ହିଁ ଶ୍ରୀରାମ। ବହୁ ସନ୍ଥ କବି ଓ ଭକ୍ତ ଶ୍ରୀକ୍ଷେତ୍ରରେ ଜଗନ୍ନାଥଙ୍କୁ ରାମ ରୂପରେ ଦର୍ଶନ କରିଛନ୍ତି। ତୁଳସୀ ଦାସ ମଧ୍ୟ ପୁରୀ ଆସି ଜଗନ୍ନାଥଙ୍କ ଠାରେ ରଘୁନାଥଙ୍କ ରୂପ ଦର୍ଶନ କରିଥିଲେ।

ତ୍ରେତୟା ଯୁଗର କଥା। ଭଗବାନ ରାମ ତାଙ୍କର ଲୀଳା ଖେଳା ଶେଷ କରି ପରମ ଧାମକୁ ପ୍ରତ୍ୟାବର୍ତ୍ତନ କରିବାକୁ ପ୍ରସ୍ତୁତ ହେଲେ। ସଙ୍ଗରେ ଭାଇମାନଙ୍କୁ, ସୁଗ୍ରୀବ ଓ ବାନର ସେନାଙ୍କୁ ସାଙ୍ଗରେ ନେଇ ସରଯୂ ନଦୀରେ ଜଳ ସମାଧି ନେଲେ।

ଦର୍ଶନ କରିଥିଲେ। ୧୪ଶ ଶତାବ୍ଦୀରେ ରାମାନନ୍ଦ ସମ୍ପ୍ରଦାୟର ଭକ୍ତମାନେ ଶ୍ରୀମନ୍ଦିର ପରିସରରେ ରାମଙ୍କ ଉପାସନା କରିଥିଲେ। ରଥଯାତ୍ରା, ସ୍ନାନ ପୂର୍ଣ୍ଣିମା ଓ ଅନ୍ୟ ପର୍ବରେ ମଧ୍ୟ ରାମ ଉପାସନାର ପରମ୍ପରା ରହିଛି।

ତୁଳସୀ ଦାସ ଜଗନ୍ନାଥଙ୍କ ଦର୍ଶନ କଲାପରେ ସେ କହିଥିଲେ 'ଜଗନ୍ନାଥ ଯଥା ରଘୁନାଥ'। ଏହିଭଳି ବହୁ ଭକ୍ତ ଶ୍ରୀକ୍ଷେତ୍ରରେ ନୀଳାଚଳନାଥଙ୍କୁ ଶ୍ରୀରାମ ରୂପରେ ଦର୍ଶନ କରି ଧନ୍ୟ ହୋଇଛନ୍ତି।

ଶିଶୁବେଦ୍ର ଉପରବାହାଁ, କଟକ
ଡାକ୍ତର ଶୁଭଶ୍ରୀ ମିଶ୍ର

ମହିଳା ମାନଙ୍କ ଜୀବନରେ ସନ୍ତାନକୁ ଜନ୍ମ ଦେବା ଏକ ଆନନ୍ଦ ଅନୁଭବ। ଗର୍ଭାବସ୍ଥାରେ ରକ୍ତଚାପ ସମସ୍ୟା ଅନେକଙ୍କ ଜୀବନରେ ଦେଖାଦେଇଥାଏ। ଗର୍ଭଧାରଣ ପରେ ବହୁ

ମହିଳା ମାନଙ୍କ ଜୀବନରେ ସନ୍ତାନକୁ ଜନ୍ମ ଦେବା ଏକ ଆନନ୍ଦ ଅନୁଭବ। ଗର୍ଭାବସ୍ଥାରେ ରକ୍ତଚାପ ସମସ୍ୟା ଅନେକଙ୍କ ଜୀବନରେ ଦେଖାଦେଇଥାଏ। ଗର୍ଭଧାରଣ ପରେ ବହୁ ମହିଳା ଉଚ୍ଚ ରକ୍ତଚାପର ଶିକାର ହୁଅନ୍ତି ଯାହା ମା ଓ ଶିଶୁ ଉଭୟଙ୍କ ପାଇଁ ବିପଦ ସୃଷ୍ଟି କରିପାରେ।

ଗର୍ଭବତୀମାନେ କମ ପରିମାଣର ଲୁଣ ଖାଇବା ଉଚିତ। ଧୂମପାନ ଓ ମଦ୍ୟପାନରୁ ଦୂରେଇ ରହିବା ସହ ଡାକ୍ତରଙ୍କ ପରାମର୍ଶରେ ଔଷଧ ସେବନ କରିବା ଆବଶ୍ୟକ। ଶିଶୁର ସୁସ୍ଥ ଭବିଷ୍ୟତ ପାଇଁ ମା'ର ସ୍ୱାସ୍ଥ୍ୟ ସବୁଠାରୁ ଜରୁରୀ।

ଗର୍ଭାବସ୍ଥାରେ ରକ୍ତଚାପ ନିୟନ୍ତ୍ରଣ

ସୁସ୍ଥ ସନ୍ତାନ ଆଣିଥାଏ। ଗର୍ଭାବସ୍ଥା ବେଳେ ମହିଳାମାନଙ୍କ ଠାରେ ହାଇପରଟେନସନ ହେବାର ଆଶଙ୍କା ଅଧିକ ଥାଏ। ପ୍ରିକ୍ଲାମ୍ପସିଆ ଓ ଜେଷ୍ଟେସନାଲ ହାଇପରଟେନସନ ପରି ଜଟିଳତା ଦେଖାଦେଇପାରେ। ଏଣୁ ନିୟମିତ ଯାଞ୍ଚ ଜରୁରୀ।

ଏହାଦ୍ୱାରା ସମ୍ଭାବ୍ୟ ଉଚ୍ଚ ରକ୍ତଚାପ ବାବଦରେ ସୂଚନା ମିଳିପାରିବ ଏବଂ ଚିକିତ୍ସା ପ୍ରକ୍ରିୟା ମଧ୍ୟ ହୋଇପାରିବ। ସନ୍ତୁଳିତ ଖାଦ୍ୟ, ପର୍ଯ୍ୟାପ୍ତ ବିଶ୍ରାମ ଓ ନିୟମିତ ବ୍ୟାୟାମ ଦ୍ୱାରା ରକ୍ତଚାପ ନିୟନ୍ତ୍ରଣ କରାଯାଇପାରେ।

ଏହାଦ୍ୱାରା ସମ୍ଭାବ୍ୟ ଉଚ୍ଚ ରକ୍ତଚାପ ବାବଦରେ ସୂଚନା ମିଳିପାରିବ ଏବଂ ଚିକିତ୍ସା ପ୍ରକ୍ରିୟା ମଧ୍ୟ ହୋଇପାରିବ। ସନ୍ତୁଳିତ ଖାଦ୍ୟ, ପର୍ଯ୍ୟାପ୍ତ ବିଶ୍ରାମ ଓ ନିୟମିତ ବ୍ୟାୟାମ ଦ୍ୱାରା ରକ୍ତଚାପ ନିୟନ୍ତ୍ରଣ କରାଯାଇପାରେ।

ଗର୍ଭବତୀମାନେ କମ ପରିମାଣର ଲୁଣ ଖାଇବା ଉଚିତ। ଧୂମପାନ ଓ ମଦ୍ୟପାନରୁ ଦୂରେଇ ରହିବା ସହ ଡାକ୍ତରଙ୍କ ପରାମର୍ଶରେ ଔଷଧ ସେବନ କରିବା ଆବଶ୍ୟକ। ଶିଶୁର ସୁସ୍ଥ ଭବିଷ୍ୟତ ପାଇଁ ମା'ର ସ୍ୱାସ୍ଥ୍ୟ ସବୁଠାରୁ ଜରୁରୀ।

ଗର୍ଭବତୀମାନେ କମ ପରିମାଣର ଲୁଣ ଖାଇବା ଉଚିତ। ଧୂମପାନ ଓ ମଦ୍ୟପାନରୁ ଦୂରେଇ ରହିବା ସହ ଡାକ୍ତରଙ୍କ ପରାମର୍ଶରେ ଔଷଧ ସେବନ କରିବା ଆବଶ୍ୟକ। ଶିଶୁର ସୁସ୍ଥ ଭବିଷ୍ୟତ ପାଇଁ ମା'ର ସ୍ୱାସ୍ଥ୍ୟ ସବୁଠାରୁ ଜରୁରୀ।

ସୁସ୍ଥ ସନ୍ତାନ ଆଣିଥାଏ। ଗର୍ଭାବସ୍ଥା ବେଳେ ମହିଳାମାନଙ୍କ ଠାରେ ହାଇପରଟେନସନ ହେବାର ଆଶଙ୍କା ଅଧିକ ଥାଏ। ପ୍ରିକ୍ଲାମ୍ପସିଆ ଓ ଜେଷ୍ଟେସନାଲ ହାଇପରଟେନସନ ପରି ଜଟିଳତା ଦେଖାଦେଇପାରେ। ଏଣୁ ନିୟମିତ ଯାଞ୍ଚ ଜରୁରୀ।

ଏହାଦ୍ୱାରା ସମ୍ଭାବ୍ୟ ଉଚ୍ଚ ରକ୍ତଚାପ ବାବଦରେ ସୂଚନା ମିଳିପାରିବ ଏବଂ ଚିକିତ୍ସା ପ୍ରକ୍ରିୟା ମଧ୍ୟ ହୋଇପାରିବ। ସନ୍ତୁଳିତ ଖାଦ୍ୟ, ପର୍ଯ୍ୟାପ୍ତ ବିଶ୍ରାମ ଓ ନିୟମିତ ବ୍ୟାୟାମ ଦ୍ୱାରା ରକ୍ତଚାପ ନିୟନ୍ତ୍ରଣ କରାଯାଇପାରେ।

ସ୍ତ୍ରୀ ଓ ପ୍ରସୂତୀ ରୋଗ ବିଶେଷଜ୍ଞ
ମୋବାଇଲ-୯୮୫୧୪୬୩୪୦୬
